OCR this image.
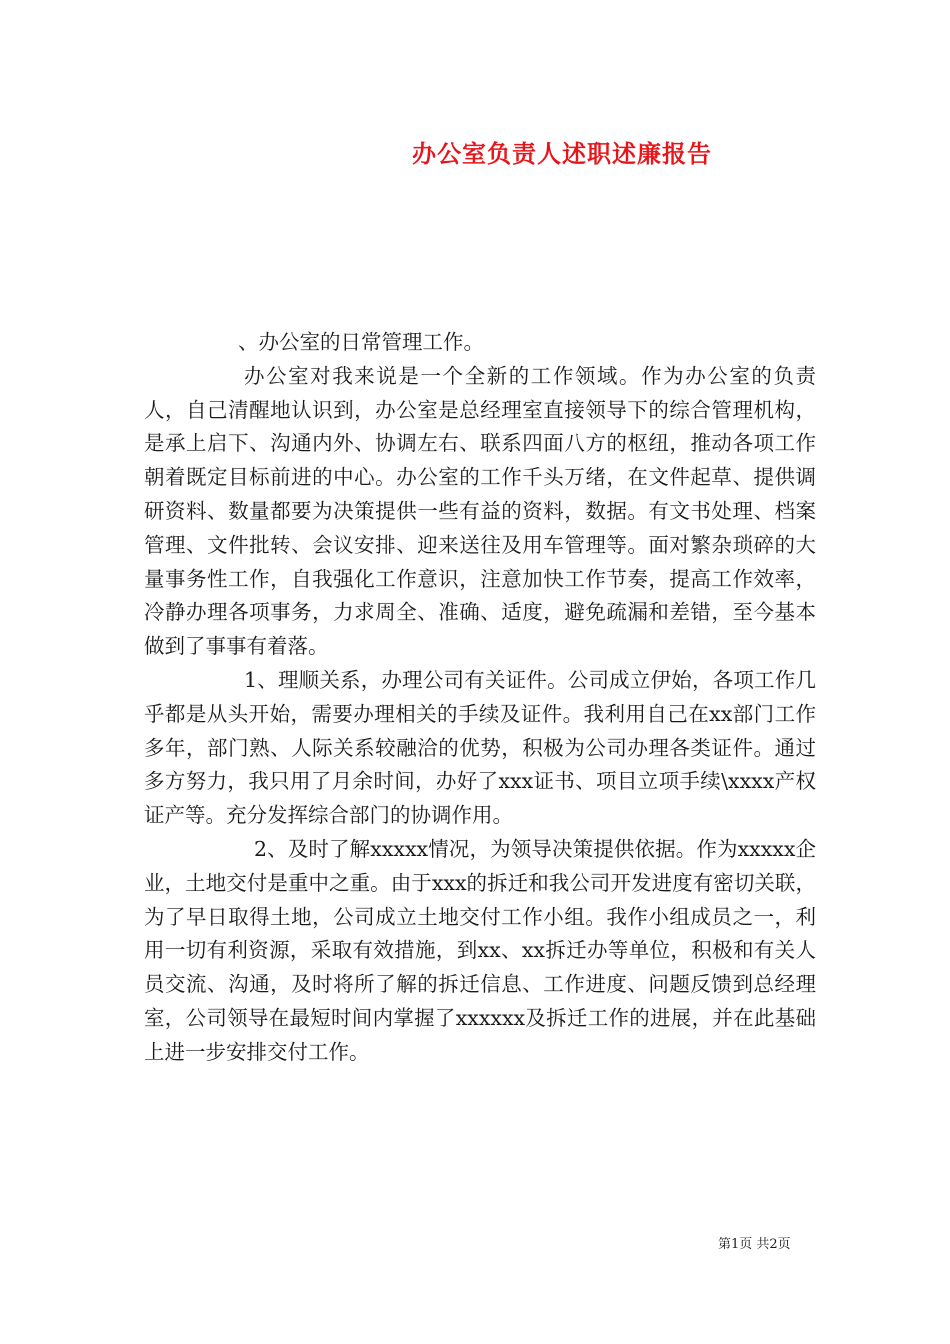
办公室负责人述职述廉报告

、办公室的日常管理工作。

办公室对我来说是一个全新的工作领域。作为办公室的负责人，自己清醒地认识到，办公室是总经理室直接领导下的综合管理机构，是承上启下、沟通内外、协调左右、联系四面八方的枢纽，推动各项工作朝着既定目标前进的中心。办公室的工作千头万绪，在文件起草、提供调研资料、数量都要为决策提供一些有益的资料，数据。有文书处理、档案管理、文件批转、会议安排、迎来送往及用车管理等。面对繁杂琐碎的大量事务性工作，自我强化工作意识，注意加快工作节奏，提高工作效率，冷静办理各项事务，力求周全、准确、适度，避免疏漏和差错，至今基本做到了事事有着落。

1、理顺关系，办理公司有关证件。公司成立伊始，各项工作几乎都是从头开始，需要办理相关的手续及证件。我利用自己在xx部门工作多年，部门熟、人际关系较融洽的优势，积极为公司办理各类证件。通过多方努力，我只用了月余时间，办好了xxx证书、项目立项手续\xxxx产权证产等。充分发挥综合部门的协调作用。

2、及时了解xxxxx情况，为领导决策提供依据。作为xxxxx企业，土地交付是重中之重。由于xxx的拆迁和我公司开发进度有密切关联，为了早日取得土地，公司成立土地交付工作小组。我作小组成员之一，利用一切有利资源，采取有效措施，到xx、xx拆迁办等单位，积极和有关人员交流、沟通，及时将所了解的拆迁信息、工作进度、问题反馈到总经理室，公司领导在最短时间内掌握了xxxxxx及拆迁工作的进展，并在此基础上进一步安排交付工作。

第1页 共2页
